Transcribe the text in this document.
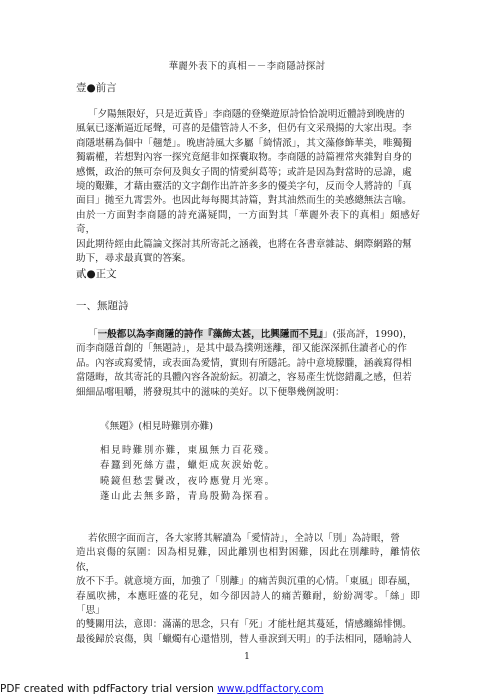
華麗外表下的真相－－李商隱詩探討
壹●前言

「夕陽無限好，只是近黃昏」李商隱的登樂遊原詩恰恰說明近體詩到晚唐的

風氣已逐漸逼近尾聲，可喜的是儘管詩人不多，但仍有文采飛揚的大家出現。李

商隱堪稱為個中「翹楚」。晚唐詩風大多屬「綺情派」，其文藻修飾華美，唯獨獨

獨霸權，若想對內容一探究竟絕非如探囊取物。李商隱的詩篇裡常夾雜對自身的

感慨，政治的無可奈何及與女子間的情愛糾葛等；或許是因為對當時的忌諱，處

境的艱難，才藉由靈活的文字創作出許許多多的優美字句，反而令人將詩的「真

面目」拋至九霄雲外。也因此每每閱其詩篇，對其油然而生的美感總無法言喻。

由於一方面對李商隱的詩充滿疑問，一方面對其「華麗外表下的真相」頗感好奇，

因此期待經由此篇論文探討其所寄託之涵義，也將在各書章雜誌、網際網路的幫

助下，尋求最真實的答案。

貳●正文
一、無題詩

「一般都以為李商隱的詩作『藻飾太甚，比興隱而不見』」(張高評，1990)，

而李商隱首創的「無題詩」，是其中最為撲朔迷離，卻又能深深抓住讀者心的作

品。內容或寫愛情，或表面為愛情，實則有所隱託。詩中意境朦朧，涵義寫得相

當隱晦，故其寄託的具體內容各說紛紜。初讀之，容易產生恍惚錯亂之感，但若

細細品嚐咀嚼，將發現其中的滋味的美好。以下便舉幾例說明：

《無題》(相見時難別亦難)
相見時難別亦難，東風無力百花殘。
春蠶到死絲方盡，蠟炬成灰淚始乾。
曉鏡但愁雲鬢改，夜吟應覺月光寒。
蓬山此去無多路，青鳥殷勤為探看。

若依照字面而言，各大家將其解讀為「愛情詩」，全詩以「別」為詩眼，營

造出哀傷的氛圍：因為相見難，因此離別也相對困難，因此在別離時，離情依依，

放不下手。就意境方面，加強了「別離」的痛苦與沉重的心情。「東風」即春風，

春風吹拂，本應旺盛的花兒，如今卻因詩人的痛苦難耐，紛紛凋零。「絲」即「思」

的雙關用法，意即：滿滿的思念，只有「死」才能杜絕其蔓延，情感纏綿悱惻。

最後歸於哀傷，與「蠟燭有心還惜別，替人垂淚到天明」的手法相同，隱喻詩人

1
PDF created with pdfFactory trial version www.pdffactory.com
